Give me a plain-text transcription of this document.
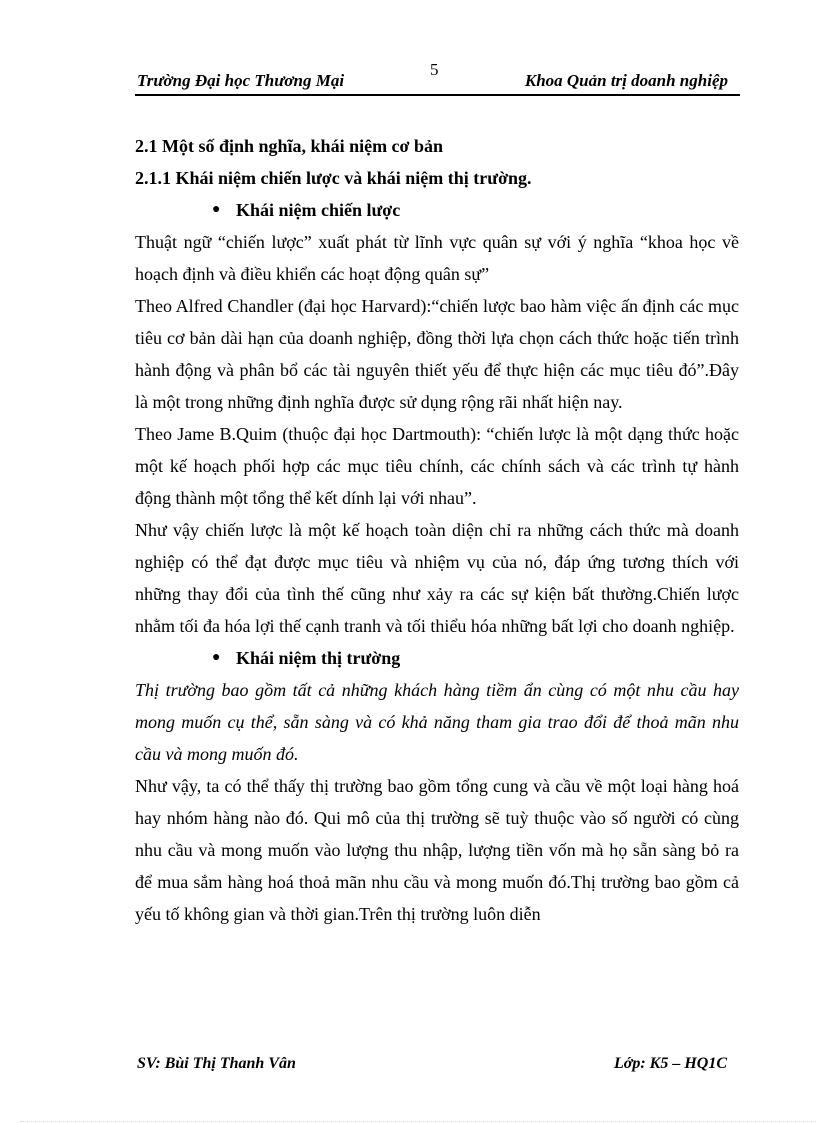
Trường Đại học Thương Mại
5
Khoa Quản trị doanh nghiệp

2.1 Một số định nghĩa, khái niệm cơ bản

2.1.1 Khái niệm chiến lược và khái niệm thị trường.

● Khái niệm chiến lược

Thuật ngữ “chiến lược” xuất phát từ lĩnh vực quân sự với ý nghĩa “khoa học về hoạch định và điều khiển các hoạt động quân sự”

Theo Alfred Chandler (đại học Harvard):“chiến lược bao hàm việc ấn định các mục tiêu cơ bản dài hạn của doanh nghiệp, đồng thời lựa chọn cách thức hoặc tiến trình hành động và phân bổ các tài nguyên thiết yếu để thực hiện các mục tiêu đó”.Đây là một trong những định nghĩa được sử dụng rộng rãi nhất hiện nay.

Theo Jame B.Quim (thuộc đại học Dartmouth): “chiến lược là một dạng thức hoặc một kế hoạch phối hợp các mục tiêu chính, các chính sách và các trình tự hành động thành một tổng thể kết dính lại với nhau”.

Như vậy chiến lược là một kế hoạch toàn diện chỉ ra những cách thức mà doanh nghiệp có thể đạt được mục tiêu và nhiệm vụ của nó, đáp ứng tương thích với những thay đổi của tình thế cũng như xảy ra các sự kiện bất thường.Chiến lược nhằm tối đa hóa lợi thế cạnh tranh và tối thiểu hóa những bất lợi cho doanh nghiệp.

● Khái niệm thị trường

Thị trường bao gồm tất cả những khách hàng tiềm ẩn cùng có một nhu cầu hay mong muốn cụ thể, sẵn sàng và có khả năng tham gia trao đổi để thoả mãn nhu cầu và mong muốn đó.

Như vậy, ta có thể thấy thị trường bao gồm tổng cung và cầu về một loại hàng hoá hay nhóm hàng nào đó. Qui mô của thị trường sẽ tuỳ thuộc vào số người có cùng nhu cầu và mong muốn vào lượng thu nhập, lượng tiền vốn mà họ sẵn sàng bỏ ra để mua sắm hàng hoá thoả mãn nhu cầu và mong muốn đó.Thị trường bao gồm cả yếu tố không gian và thời gian.Trên thị trường luôn diễn

SV: Bùi Thị Thanh Vân	Lớp: K5 – HQ1C
